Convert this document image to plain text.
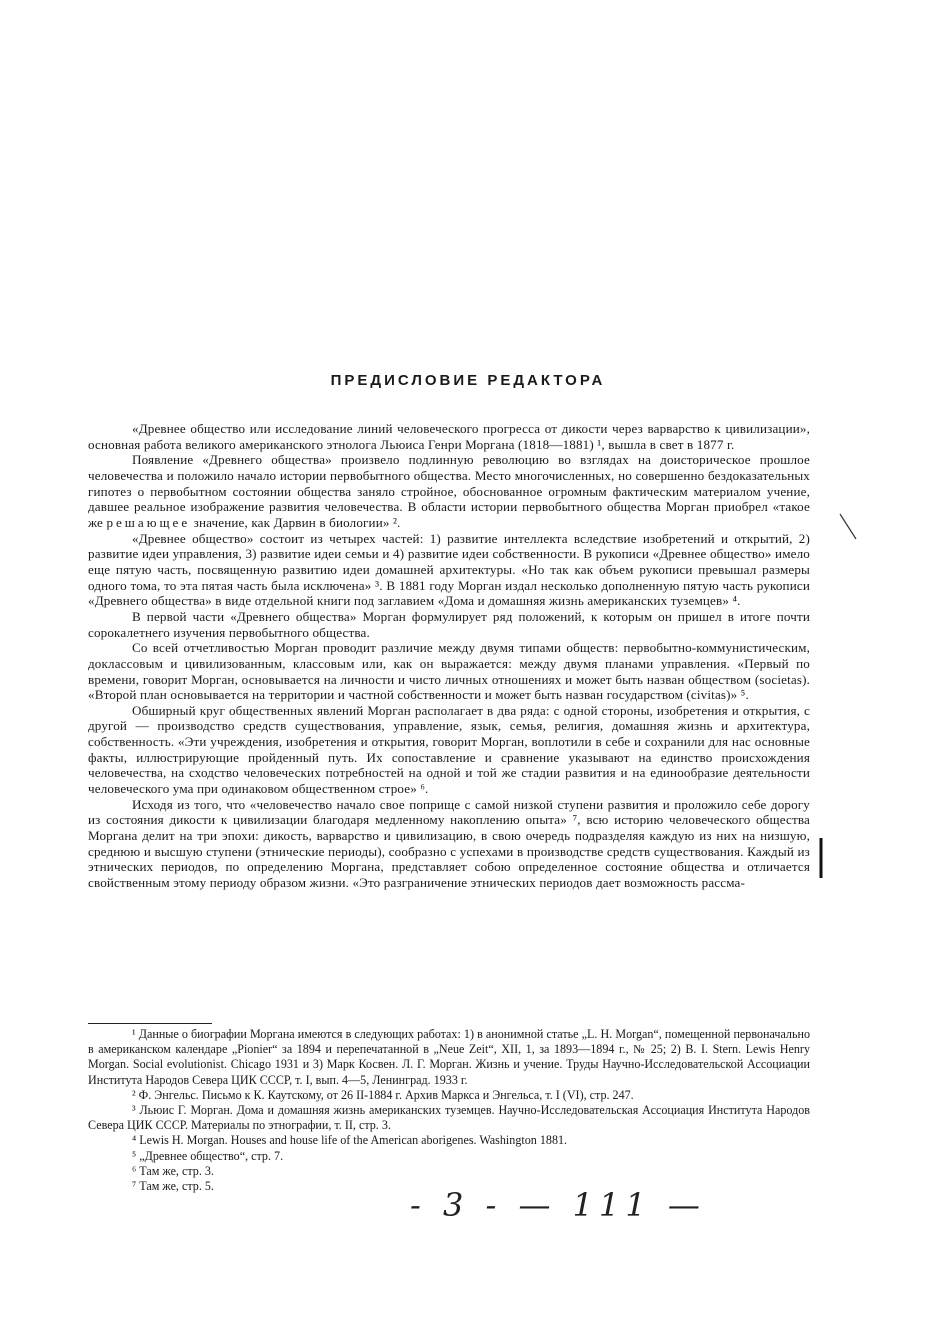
ПРЕДИСЛОВИЕ РЕДАКТОРА

«Древнее общество или исследование линий человеческого прогресса от дикости через варварство к цивилизации», основная работа великого американского этнолога Льюиса Генри Моргана (1818—1881) ¹, вышла в свет в 1877 г.

Появление «Древнего общества» произвело подлинную революцию во взглядах на доисторическое прошлое человечества и положило начало истории первобытного общества. Место многочисленных, но совершенно бездоказательных гипотез о первобытном состоянии общества заняло стройное, обоснованное огромным фактическим материалом учение, давшее реальное изображение развития человечества. В области истории первобытного общества Морган приобрел «такое же решающее значение, как Дарвин в биологии» ².

«Древнее общество» состоит из четырех частей: 1) развитие интеллекта вследствие изобретений и открытий, 2) развитие идеи управления, 3) развитие идеи семьи и 4) развитие идеи собственности. В рукописи «Древнее общество» имело еще пятую часть, посвященную развитию идеи домашней архитектуры. «Но так как объем рукописи превышал размеры одного тома, то эта пятая часть была исключена» ³. В 1881 году Морган издал несколько дополненную пятую часть рукописи «Древнего общества» в виде отдельной книги под заглавием «Дома и домашняя жизнь американских туземцев» ⁴.

В первой части «Древнего общества» Морган формулирует ряд положений, к которым он пришел в итоге почти сорокалетнего изучения первобытного общества.

Со всей отчетливостью Морган проводит различие между двумя типами обществ: первобытно-коммунистическим, доклассовым и цивилизованным, классовым или, как он выражается: между двумя планами управления. «Первый по времени, говорит Морган, основывается на личности и чисто личных отношениях и может быть назван обществом (societas). «Второй план основывается на территории и частной собственности и может быть назван государством (civitas)» ⁵.

Обширный круг общественных явлений Морган располагает в два ряда: с одной стороны, изобретения и открытия, с другой — производство средств существования, управление, язык, семья, религия, домашняя жизнь и архитектура, собственность. «Эти учреждения, изобретения и открытия, говорит Морган, воплотили в себе и сохранили для нас основные факты, иллюстрирующие пройденный путь. Их сопоставление и сравнение указывают на единство происхождения человечества, на сходство человеческих потребностей на одной и той же стадии развития и на единообразие деятельности человеческого ума при одинаковом общественном строе» ⁶.

Исходя из того, что «человечество начало свое поприще с самой низкой ступени развития и проложило себе дорогу из состояния дикости к цивилизации благодаря медленному накоплению опыта» ⁷, всю историю человеческого общества Моргана делит на три эпохи: дикость, варварство и цивилизацию, в свою очередь подразделяя каждую из них на низшую, среднюю и высшую ступени (этнические периоды), сообразно с успехами в производстве средств существования. Каждый из этнических периодов, по определению Моргана, представляет собою определенное состояние общества и отличается свойственным этому периоду образом жизни. «Это разграничение этнических периодов дает возможность рассма-

¹ Данные о биографии Моргана имеются в следующих работах: 1) в анонимной статье „L. H. Morgan“, помещенной первоначально в американском календаре „Pionier“ за 1894 и перепечатанной в „Neue Zeit“, XII, 1, за 1893—1894 г., № 25; 2) B. I. Stern. Lewis Henry Morgan. Social evolutionist. Chicago 1931 и 3) Марк Косвен. Л. Г. Морган. Жизнь и учение. Труды Научно-Исследовательской Ассоциации Института Народов Севера ЦИК СССР, т. I, вып. 4—5, Ленинград. 1933 г.

² Ф. Энгельс. Письмо к К. Каутскому, от 26 II-1884 г. Архив Маркса и Энгельса, т. I (VI), стр. 247.

³ Льюис Г. Морган. Дома и домашняя жизнь американских туземцев. Научно-Исследовательская Ассоциация Института Народов Севера ЦИК СССР. Материалы по этнографии, т. II, стр. 3.

⁴ Lewis H. Morgan. Houses and house life of the American aborigenes. Washington 1881.

⁵ „Древнее общество“, стр. 7.

⁶ Там же, стр. 3.

⁷ Там же, стр. 5.	- 3 - — 111 —
